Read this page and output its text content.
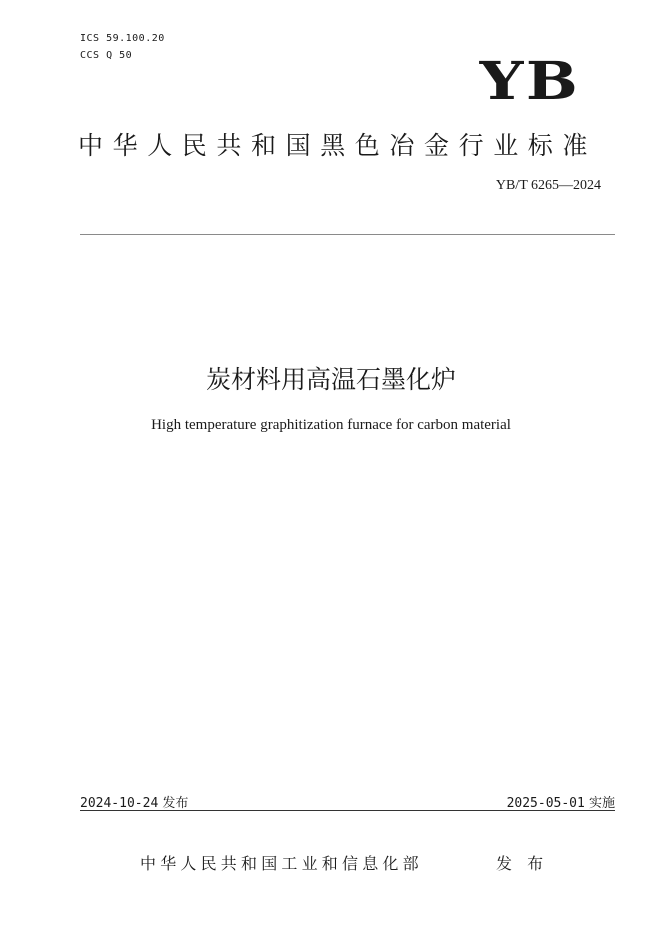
ICS 59.100.20
CCS Q 50	YB
中华人民共和国黑色冶金行业标准
YB/T 6265—2024
炭材料用高温石墨化炉
High temperature graphitization furnace for carbon material
2024-10-24 发布	2025-05-01 实施
中华人民共和国工业和信息化部	发 布
